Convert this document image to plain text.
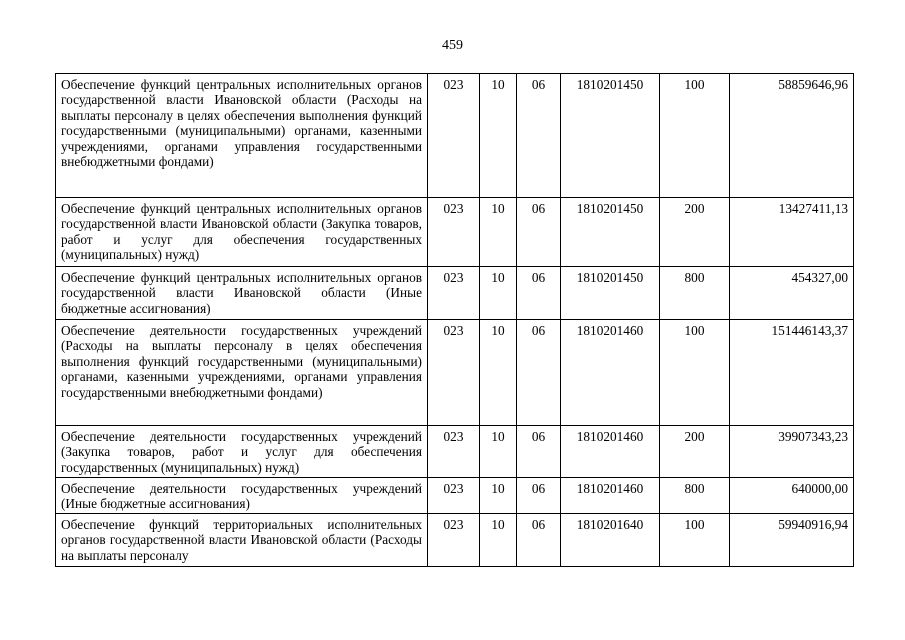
459
Обеспечение функций центральных исполнительных органов государственной власти Ивановской области (Расходы на выплаты персоналу в целях обеспечения выполнения функций государственными (муниципальными) органами, казенными учреждениями, органами управления государственными внебюджетными фондами)	023	10	06	1810201450	100	58859646,96
Обеспечение функций центральных исполнительных органов государственной власти Ивановской области (Закупка товаров, работ и услуг для обеспечения государственных (муниципальных) нужд)	023	10	06	1810201450	200	13427411,13
Обеспечение функций центральных исполнительных органов государственной власти Ивановской области (Иные бюджетные ассигнования)	023	10	06	1810201450	800	454327,00
Обеспечение деятельности государственных учреждений (Расходы на выплаты персоналу в целях обеспечения выполнения функций государственными (муниципальными) органами, казенными учреждениями, органами управления государственными внебюджетными фондами)	023	10	06	1810201460	100	151446143,37
Обеспечение деятельности государственных учреждений (Закупка товаров, работ и услуг для обеспечения государственных (муниципальных) нужд)	023	10	06	1810201460	200	39907343,23
Обеспечение деятельности государственных учреждений (Иные бюджетные ассигнования)	023	10	06	1810201460	800	640000,00
Обеспечение функций территориальных исполнительных органов государственной власти Ивановской области (Расходы на выплаты персоналу	023	10	06	1810201640	100	59940916,94
